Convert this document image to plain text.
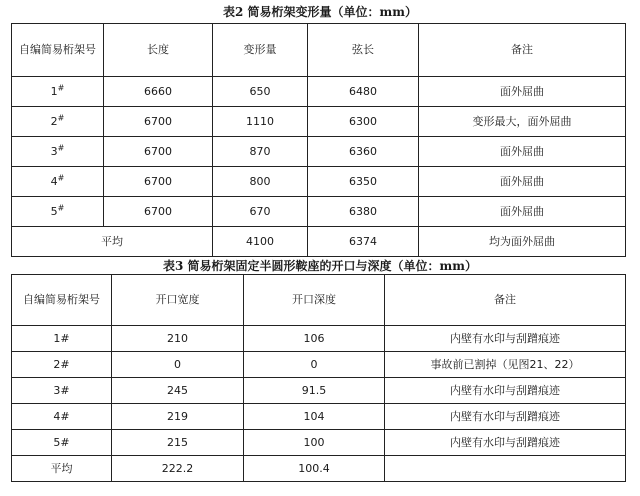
表2 简易桁架变形量（单位：mm）
自编简易桁架号	长度	变形量	弦长	备注
1#	6660	650	6480	面外屈曲
2#	6700	1110	6300	变形最大，面外屈曲
3#	6700	870	6360	面外屈曲
4#	6700	800	6350	面外屈曲
5#	6700	670	6380	面外屈曲
平均		4100	6374	均为面外屈曲
表3 简易桁架固定半圆形鞍座的开口与深度（单位：mm）
自编简易桁架号	开口宽度	开口深度	备注
1#	210	106	内壁有水印与刮蹭痕迹
2#	0	0	事故前已割掉（见图21、22）
3#	245	91.5	内壁有水印与刮蹭痕迹
4#	219	104	内壁有水印与刮蹭痕迹
5#	215	100	内壁有水印与刮蹭痕迹
平均	222.2	100.4	
